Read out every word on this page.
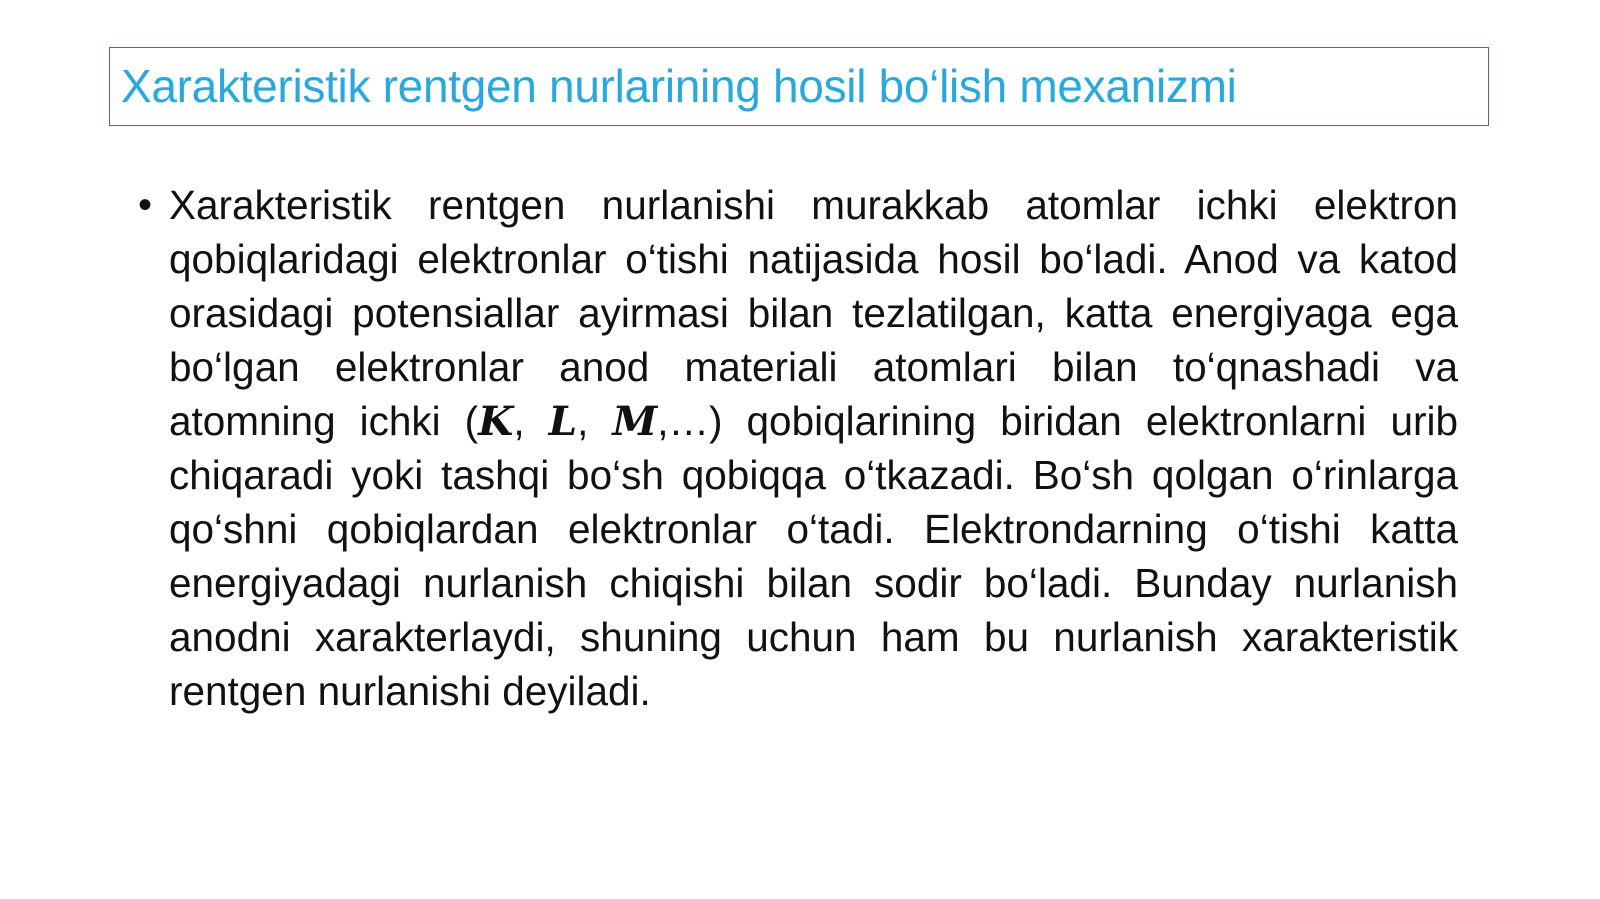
Xarakteristik rentgen nurlarining hosil bo‘lish mexanizmi
• Xarakteristik rentgen nurlanishi murakkab atomlar ichki elektron qobiqlaridagi elektronlar o‘tishi natijasida hosil bo‘ladi. Anod va katod orasidagi potensiallar ayirmasi bilan tezlatilgan, katta energiyaga ega bo‘lgan elektronlar anod materiali atomlari bilan to‘qnashadi va atomning ichki (K, L, M,…) qobiqlarining biridan elektronlarni urib chiqaradi yoki tashqi bo‘sh qobiqqa o‘tkazadi. Bo‘sh qolgan o‘rinlarga qo‘shni qobiqlardan elektronlar o‘tadi. Elektrondarning o‘tishi katta energiyadagi nurlanish chiqishi bilan sodir bo‘ladi. Bunday nurlanish anodni xarakterlaydi, shuning uchun ham bu nurlanish xarakteristik rentgen nurlanishi deyiladi.
